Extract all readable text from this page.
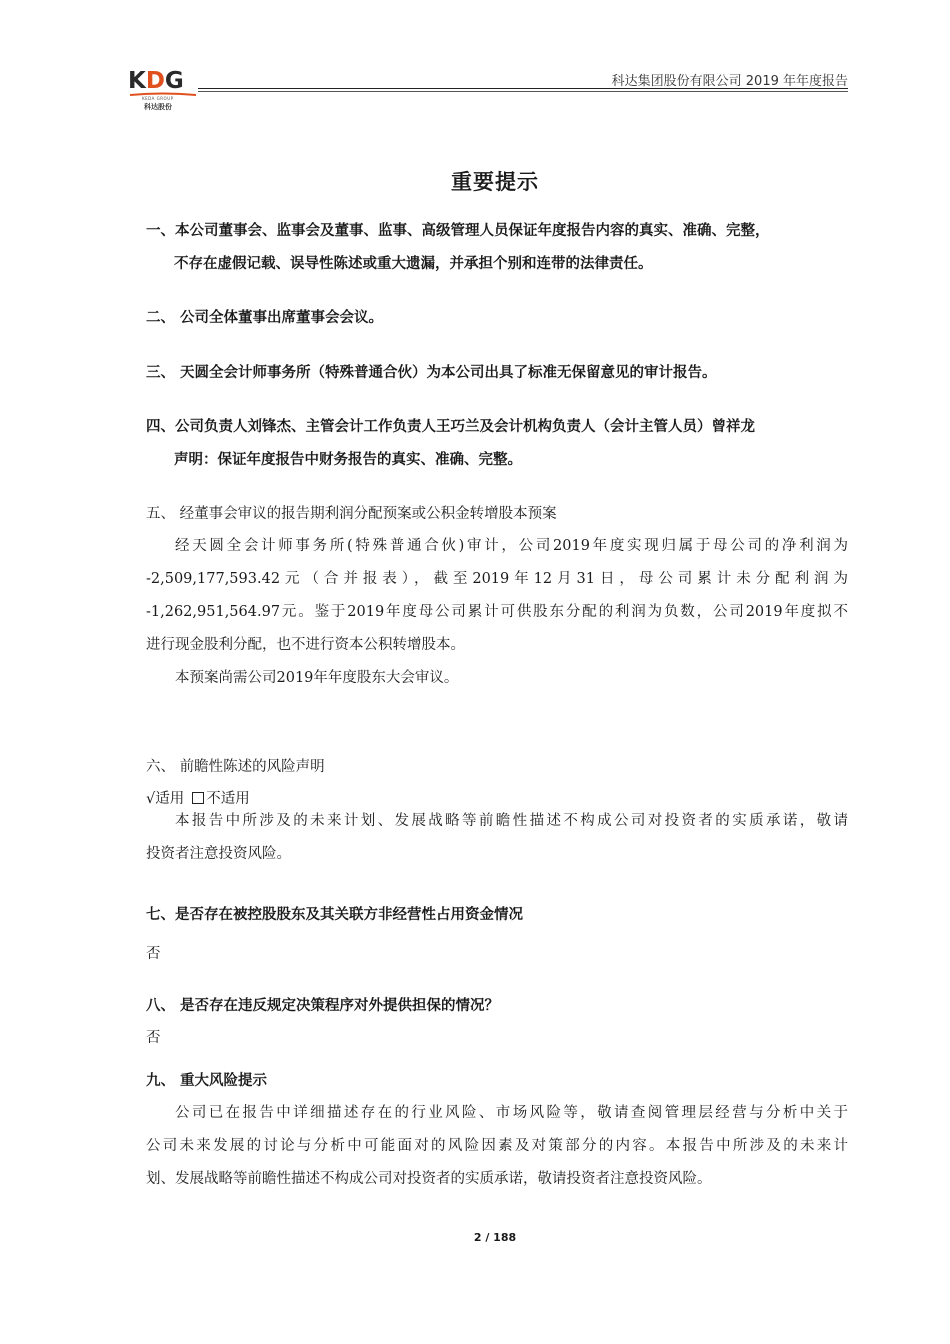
KDG
KEDA GROUP
科达股份
科达集团股份有限公司 2019 年年度报告
重要提示
一、本公司董事会、监事会及董事、监事、高级管理人员保证年度报告内容的真实、准确、完整，
不存在虚假记载、误导性陈述或重大遗漏，并承担个别和连带的法律责任。
二、 公司全体董事出席董事会会议。
三、 天圆全会计师事务所（特殊普通合伙）为本公司出具了标准无保留意见的审计报告。
四、公司负责人刘锋杰、主管会计工作负责人王巧兰及会计机构负责人（会计主管人员）曾祥龙
声明：保证年度报告中财务报告的真实、准确、完整。
五、 经董事会审议的报告期利润分配预案或公积金转增股本预案
经天圆全会计师事务所(特殊普通合伙)审计，公司2019年度实现归属于母公司的净利润为
-2,509,177,593.42元（合并报表），截至2019年12月31日，母公司累计未分配利润为
-1,262,951,564.97元。鉴于2019年度母公司累计可供股东分配的利润为负数，公司2019年度拟不
进行现金股利分配，也不进行资本公积转增股本。
本预案尚需公司2019年年度股东大会审议。
六、 前瞻性陈述的风险声明
√适用 不适用
本报告中所涉及的未来计划、发展战略等前瞻性描述不构成公司对投资者的实质承诺，敬请
投资者注意投资风险。
七、是否存在被控股股东及其关联方非经营性占用资金情况
否
八、 是否存在违反规定决策程序对外提供担保的情况？
否
九、 重大风险提示
公司已在报告中详细描述存在的行业风险、市场风险等，敬请查阅管理层经营与分析中关于
公司未来发展的讨论与分析中可能面对的风险因素及对策部分的内容。本报告中所涉及的未来计
划、发展战略等前瞻性描述不构成公司对投资者的实质承诺，敬请投资者注意投资风险。
2 / 188
